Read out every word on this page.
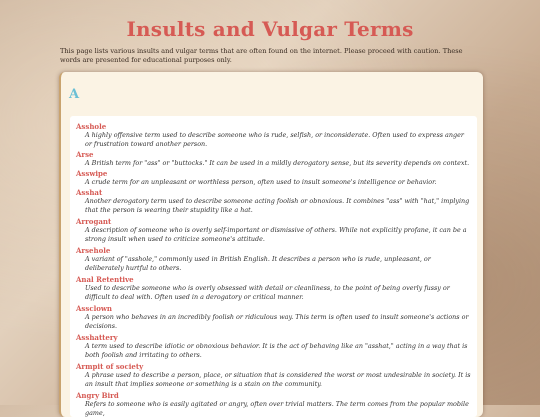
Insults and Vulgar Terms
This page lists various insults and vulgar terms that are often found on the internet. Please proceed with caution. These words are presented for educational purposes only.
A
Asshole
A highly offensive term used to describe someone who is rude, selfish, or inconsiderate. Often used to express anger or frustration toward another person.
Arse
A British term for "ass" or "buttocks." It can be used in a mildly derogatory sense, but its severity depends on context.
Asswipe
A crude term for an unpleasant or worthless person, often used to insult someone's intelligence or behavior.
Asshat
Another derogatory term used to describe someone acting foolish or obnoxious. It combines "ass" with "hat," implying that the person is wearing their stupidity like a hat.
Arrogant
A description of someone who is overly self-important or dismissive of others. While not explicitly profane, it can be a strong insult when used to criticize someone's attitude.
Arsehole
A variant of "asshole," commonly used in British English. It describes a person who is rude, unpleasant, or deliberately hurtful to others.
Anal Retentive
Used to describe someone who is overly obsessed with detail or cleanliness, to the point of being overly fussy or difficult to deal with. Often used in a derogatory or critical manner.
Assclown
A person who behaves in an incredibly foolish or ridiculous way. This term is often used to insult someone's actions or decisions.
Asshattery
A term used to describe idiotic or obnoxious behavior. It is the act of behaving like an "asshat," acting in a way that is both foolish and irritating to others.
Armpit of society
A phrase used to describe a person, place, or situation that is considered the worst or most undesirable in society. It is an insult that implies someone or something is a stain on the community.
Angry Bird
Refers to someone who is easily agitated or angry, often over trivial matters. The term comes from the popular mobile game,
